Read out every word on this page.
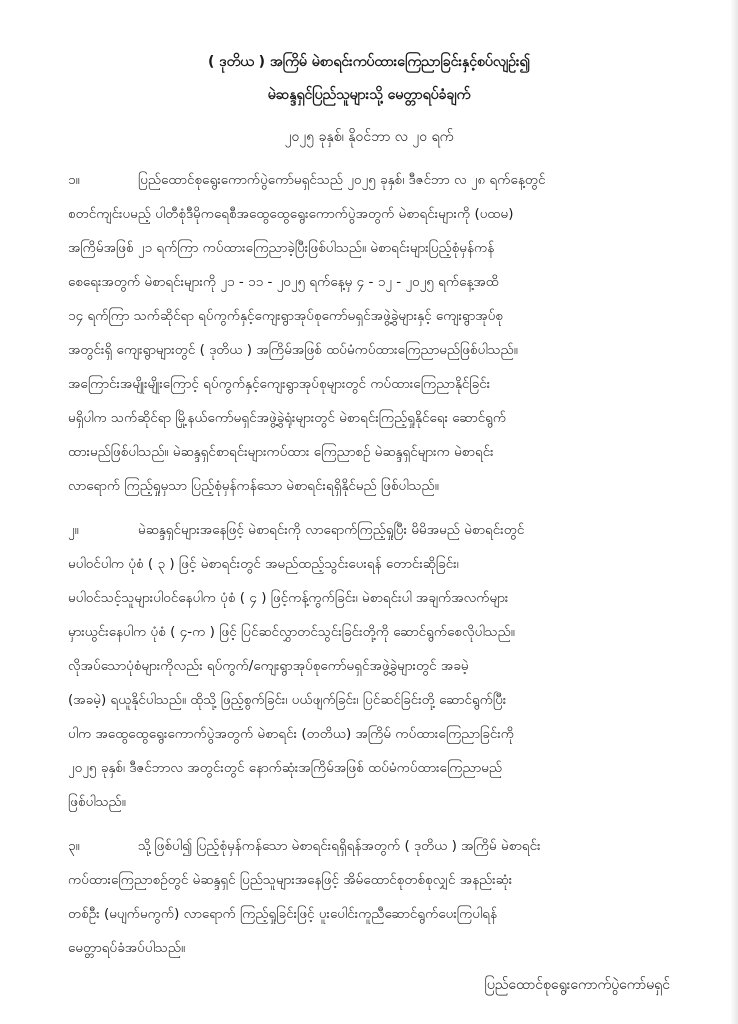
( ဒုတိယ ) အကြိမ် မဲစာရင်းကပ်ထားကြေညာခြင်းနှင့်စပ်လျဉ်း၍
မဲဆန္ဒရှင်ပြည်သူများသို့ မေတ္တာရပ်ခံချက်
၂၀၂၅ ခုနှစ်၊ နိုဝင်ဘာ လ ၂၀ ရက်
၁။	ပြည်ထောင်စုရွေးကောက်ပွဲကော်မရှင်သည် ၂၀၂၅ ခုနှစ်၊ ဒီဇင်ဘာ လ ၂၈ ရက်နေ့တွင်
စတင်ကျင်းပမည့် ပါတီစုံဒီမိုကရေစီအထွေထွေရွေးကောက်ပွဲအတွက် မဲစာရင်းများကို (ပထမ)
အကြိမ်အဖြစ် ၂၁ ရက်ကြာ ကပ်ထားကြေညာခဲ့ပြီးဖြစ်ပါသည်။ မဲစာရင်းများပြည့်စုံမှန်ကန်
စေရေးအတွက် မဲစာရင်းများကို ၂၁ - ၁၁ - ၂၀၂၅ ရက်နေ့မှ ၄ - ၁၂ - ၂၀၂၅ ရက်နေ့အထိ
၁၄ ရက်ကြာ သက်ဆိုင်ရာ ရပ်ကွက်နှင့်ကျေးရွာအုပ်စုကော်မရှင်အဖွဲ့ခွဲများနှင့် ကျေးရွာအုပ်စု
အတွင်းရှိ ကျေးရွာများတွင် ( ဒုတိယ ) အကြိမ်အဖြစ် ထပ်မံကပ်ထားကြေညာမည်ဖြစ်ပါသည်။
အကြောင်းအမျိုးမျိုးကြောင့် ရပ်ကွက်နှင့်ကျေးရွာအုပ်စုများတွင် ကပ်ထားကြေညာနိုင်ခြင်း
မရှိပါက သက်ဆိုင်ရာ မြို့နယ်ကော်မရှင်အဖွဲ့ခွဲရုံးများတွင် မဲစာရင်းကြည့်ရှုနိုင်ရေး ဆောင်ရွက်
ထားမည်ဖြစ်ပါသည်။ မဲဆန္ဒရှင်စာရင်းများကပ်ထား ကြေညာစဉ် မဲဆန္ဒရှင်များက မဲစာရင်း
လာရောက် ကြည့်ရှုမှသာ ပြည့်စုံမှန်ကန်သော မဲစာရင်းရရှိနိုင်မည် ဖြစ်ပါသည်။
၂။	မဲဆန္ဒရှင်များအနေဖြင့် မဲစာရင်းကို လာရောက်ကြည့်ရှုပြီး မိမိအမည် မဲစာရင်းတွင်
မပါဝင်ပါက ပုံစံ ( ၃ ) ဖြင့် မဲစာရင်းတွင် အမည်ထည့်သွင်းပေးရန် တောင်းဆိုခြင်း၊
မပါဝင်သင့်သူများပါဝင်နေပါက ပုံစံ ( ၄ ) ဖြင့်ကန့်ကွက်ခြင်း၊ မဲစာရင်းပါ အချက်အလက်များ
မှားယွင်းနေပါက ပုံစံ ( ၄-က ) ဖြင့် ပြင်ဆင်လွှာတင်သွင်းခြင်းတို့ကို ဆောင်ရွက်စေလိုပါသည်။
လိုအပ်သောပုံစံများကိုလည်း ရပ်ကွက်/ကျေးရွာအုပ်စုကော်မရှင်အဖွဲ့ခွဲများတွင် အခမဲ့
(အခမဲ့) ရယူနိုင်ပါသည်။ ထိုသို့ ဖြည့်စွက်ခြင်း၊ ပယ်ဖျက်ခြင်း၊ ပြင်ဆင်ခြင်းတို့ ဆောင်ရွက်ပြီး
ပါက အထွေထွေရွေးကောက်ပွဲအတွက် မဲစာရင်း (တတိယ) အကြိမ် ကပ်ထားကြေညာခြင်းကို
၂၀၂၅ ခုနှစ်၊ ဒီဇင်ဘာလ အတွင်းတွင် နောက်ဆုံးအကြိမ်အဖြစ် ထပ်မံကပ်ထားကြေညာမည်
ဖြစ်ပါသည်။
၃။	သို့ဖြစ်ပါ၍ ပြည့်စုံမှန်ကန်သော မဲစာရင်းရရှိရန်အတွက် ( ဒုတိယ ) အကြိမ် မဲစာရင်း
ကပ်ထားကြေညာစဉ်တွင် မဲဆန္ဒရှင် ပြည်သူများအနေဖြင့် အိမ်ထောင်စုတစ်စုလျှင် အနည်းဆုံး
တစ်ဦး (မပျက်မကွက်) လာရောက် ကြည့်ရှုခြင်းဖြင့် ပူးပေါင်းကူညီဆောင်ရွက်ပေးကြပါရန်
မေတ္တာရပ်ခံအပ်ပါသည်။
ပြည်ထောင်စုရွေးကောက်ပွဲကော်မရှင်
